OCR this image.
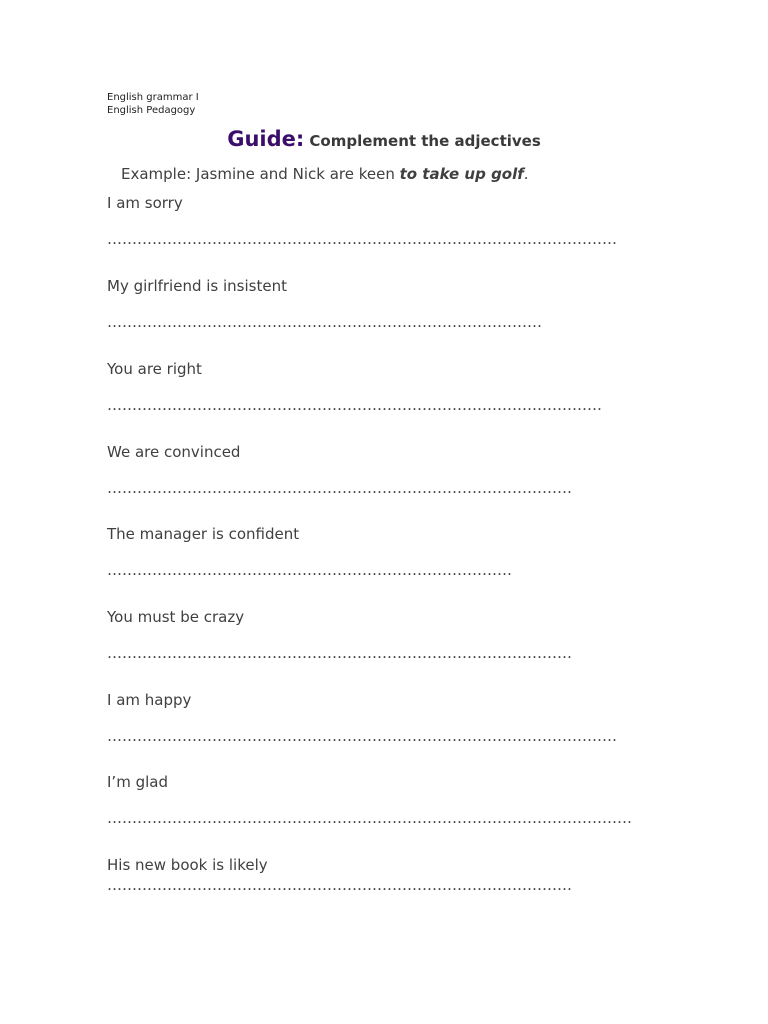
English grammar I
English Pedagogy
Guide: Complement the adjectives
Example: Jasmine and Nick are keen to take up golf.
I am sorry
…………………………………………………………………………………………
My girlfriend is insistent
……………………………………………………………………………
You are right
………………………………………………………………………………………
We are convinced
…………………………………………………………………………………
The manager is confident
………………………………………………………………………
You must be crazy
…………………………………………………………………………………
I am happy
…………………………………………………………………………………………
I’m glad
……………………………………………………………………………………………
His new book is likely
…………………………………………………………………………………
